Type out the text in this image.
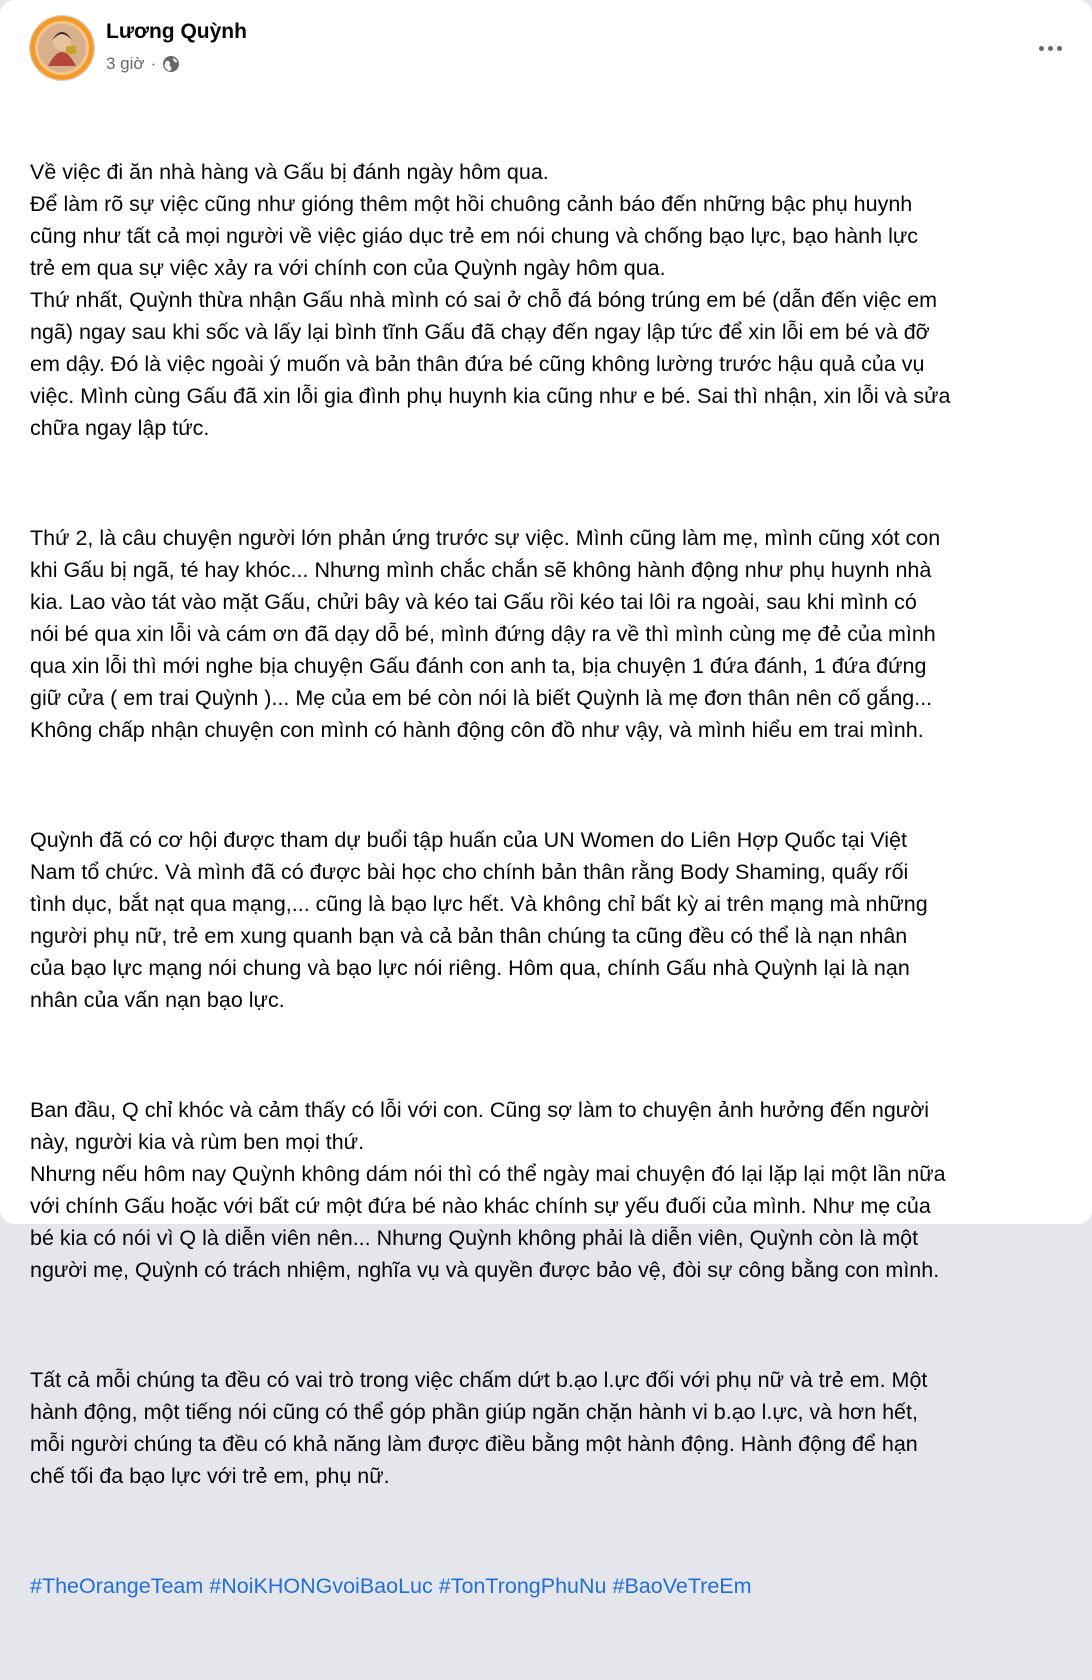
Lương Quỳnh
3 giờ ·

Về việc đi ăn nhà hàng và Gấu bị đánh ngày hôm qua.
Để làm rõ sự việc cũng như gióng thêm một hồi chuông cảnh báo đến những bậc phụ huynh
cũng như tất cả mọi người về việc giáo dục trẻ em nói chung và chống bạo lực, bạo hành lực
trẻ em qua sự việc xảy ra với chính con của Quỳnh ngày hôm qua.
Thứ nhất, Quỳnh thừa nhận Gấu nhà mình có sai ở chỗ đá bóng trúng em bé (dẫn đến việc em
ngã) ngay sau khi sốc và lấy lại bình tĩnh Gấu đã chạy đến ngay lập tức để xin lỗi em bé và đỡ
em dậy. Đó là việc ngoài ý muốn và bản thân đứa bé cũng không lường trước hậu quả của vụ
việc. Mình cùng Gấu đã xin lỗi gia đình phụ huynh kia cũng như e bé. Sai thì nhận, xin lỗi và sửa
chữa ngay lập tức.

Thứ 2, là câu chuyện người lớn phản ứng trước sự việc. Mình cũng làm mẹ, mình cũng xót con
khi Gấu bị ngã, té hay khóc... Nhưng mình chắc chắn sẽ không hành động như phụ huynh nhà
kia. Lao vào tát vào mặt Gấu, chửi bây và kéo tai Gấu rồi kéo tai lôi ra ngoài, sau khi mình có
nói bé qua xin lỗi và cám ơn đã dạy dỗ bé, mình đứng dậy ra về thì mình cùng mẹ đẻ của mình
qua xin lỗi thì mới nghe bịa chuyện Gấu đánh con anh ta, bịa chuyện 1 đứa đánh, 1 đứa đứng
giữ cửa ( em trai Quỳnh )... Mẹ của em bé còn nói là biết Quỳnh là mẹ đơn thân nên cố gắng...
Không chấp nhận chuyện con mình có hành động côn đồ như vậy, và mình hiểu em trai mình.

Quỳnh đã có cơ hội được tham dự buổi tập huấn của UN Women do Liên Hợp Quốc tại Việt
Nam tổ chức. Và mình đã có được bài học cho chính bản thân rằng Body Shaming, quấy rối
tình dục, bắt nạt qua mạng,... cũng là bạo lực hết. Và không chỉ bất kỳ ai trên mạng mà những
người phụ nữ, trẻ em xung quanh bạn và cả bản thân chúng ta cũng đều có thể là nạn nhân
của bạo lực mạng nói chung và bạo lực nói riêng. Hôm qua, chính Gấu nhà Quỳnh lại là nạn
nhân của vấn nạn bạo lực.

Ban đầu, Q chỉ khóc và cảm thấy có lỗi với con. Cũng sợ làm to chuyện ảnh hưởng đến người
này, người kia và rùm ben mọi thứ.
Nhưng nếu hôm nay Quỳnh không dám nói thì có thể ngày mai chuyện đó lại lặp lại một lần nữa
với chính Gấu hoặc với bất cứ một đứa bé nào khác chính sự yếu đuối của mình. Như mẹ của
bé kia có nói vì Q là diễn viên nên... Nhưng Quỳnh không phải là diễn viên, Quỳnh còn là một
người mẹ, Quỳnh có trách nhiệm, nghĩa vụ và quyền được bảo vệ, đòi sự công bằng con mình.

Tất cả mỗi chúng ta đều có vai trò trong việc chấm dứt b.ạo l.ực đối với phụ nữ và trẻ em. Một
hành động, một tiếng nói cũng có thể góp phần giúp ngăn chặn hành vi b.ạo l.ực, và hơn hết,
mỗi người chúng ta đều có khả năng làm được điều bằng một hành động. Hành động để hạn
chế tối đa bạo lực với trẻ em, phụ nữ.

#TheOrangeTeam #NoiKHONGvoiBaoLuc #TonTrongPhuNu #BaoVeTreEm
